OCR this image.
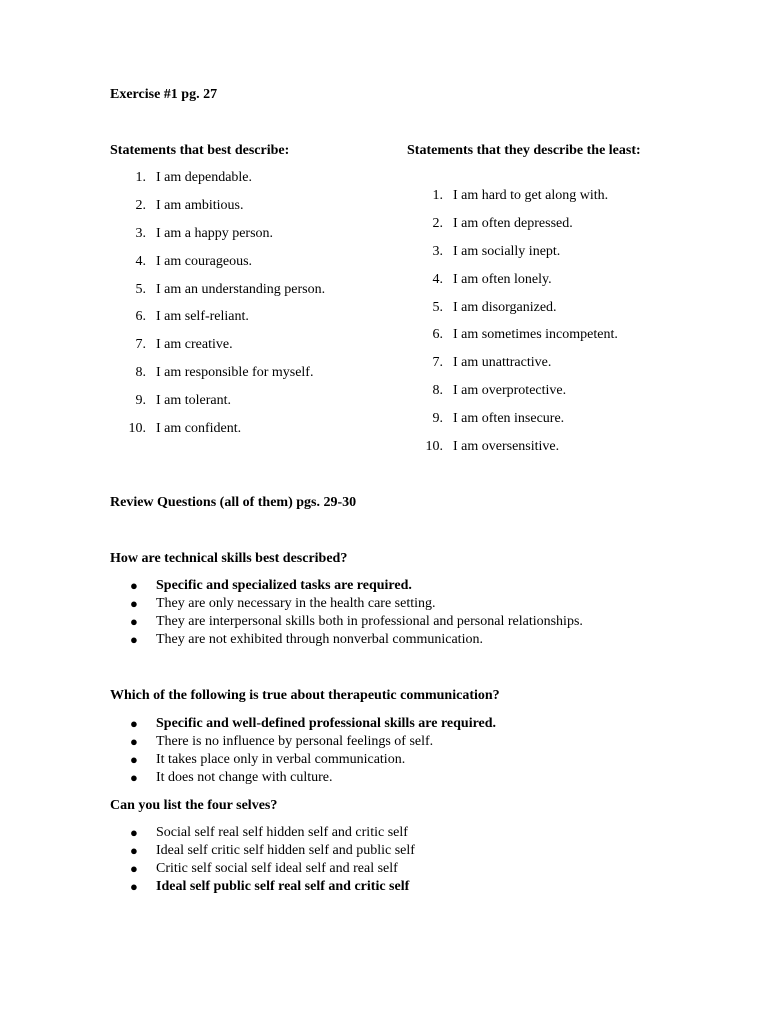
Exercise #1 pg. 27
Statements that best describe:
1. I am dependable.
2. I am ambitious.
3. I am a happy person.
4. I am courageous.
5. I am an understanding person.
6. I am self-reliant.
7. I am creative.
8. I am responsible for myself.
9. I am tolerant.
10. I am confident.
Statements that they describe the least:
1. I am hard to get along with.
2. I am often depressed.
3. I am socially inept.
4. I am often lonely.
5. I am disorganized.
6. I am sometimes incompetent.
7. I am unattractive.
8. I am overprotective.
9. I am often insecure.
10. I am oversensitive.
Review Questions (all of them) pgs. 29-30
How are technical skills best described?
● Specific and specialized tasks are required.
● They are only necessary in the health care setting.
● They are interpersonal skills both in professional and personal relationships.
● They are not exhibited through nonverbal communication.
Which of the following is true about therapeutic communication?
● Specific and well-defined professional skills are required.
● There is no influence by personal feelings of self.
● It takes place only in verbal communication.
● It does not change with culture.
Can you list the four selves?
● Social self real self hidden self and critic self
● Ideal self critic self hidden self and public self
● Critic self social self ideal self and real self
● Ideal self public self real self and critic self
